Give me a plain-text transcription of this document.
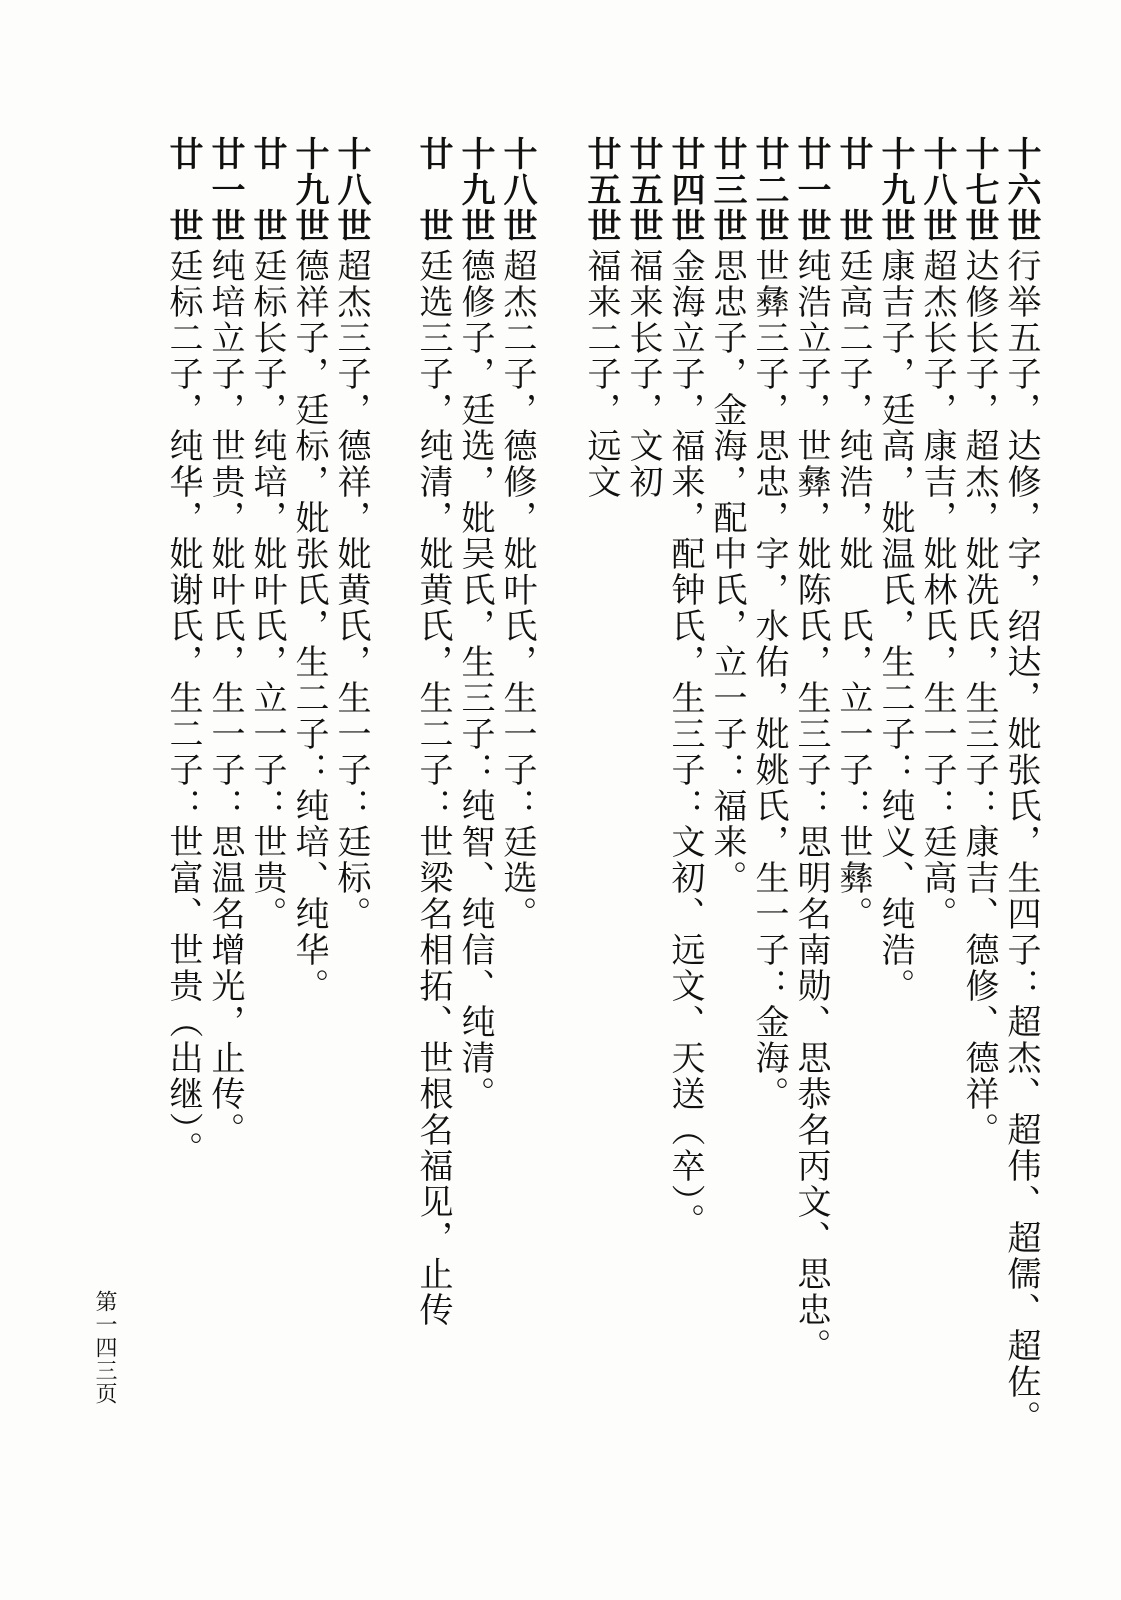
十六世行举五子，达修，字，绍达，妣张氏，生四子：超杰、超伟、超儒、超佐。
十七世达修长子，超杰，妣冼氏，生三子：康吉、德修、德祥。
十八世超杰长子，康吉，妣林氏，生一子：廷高。
十九世康吉子，廷高，妣温氏，生二子：纯义、纯浩。
廿　世廷高二子，纯浩，妣　氏，立一子：世彝。
廿一世纯浩立子，世彝，妣陈氏，生三子：思明名南勋、思恭名丙文、思忠。
廿二世世彝三子，思忠，字，水佑，妣姚氏，生一子：金海。
廿三世思忠子，金海，配中氏，立一子：福来。
廿四世金海立子，福来，配钟氏，生三子：文初、远文、天送（卒）。
廿五世福来长子，文初
廿五世福来二子，远文
十八世超杰二子，德修，妣叶氏，生一子：廷选。
十九世德修子，廷选，妣吴氏，生三子：纯智、纯信、纯清。
廿　世廷选三子，纯清，妣黄氏，生二子：世梁名相拓、世根名福见，止传
十八世超杰三子，德祥，妣黄氏，生一子：廷标。
十九世德祥子，廷标，妣张氏，生二子：纯培、纯华。
廿　世廷标长子，纯培，妣叶氏，立一子：世贵。
廿一世纯培立子，世贵，妣叶氏，生一子：思温名增光，止传。
廿　世廷标二子，纯华，妣谢氏，生二子：世富、世贵（出继）。
第一四三页
